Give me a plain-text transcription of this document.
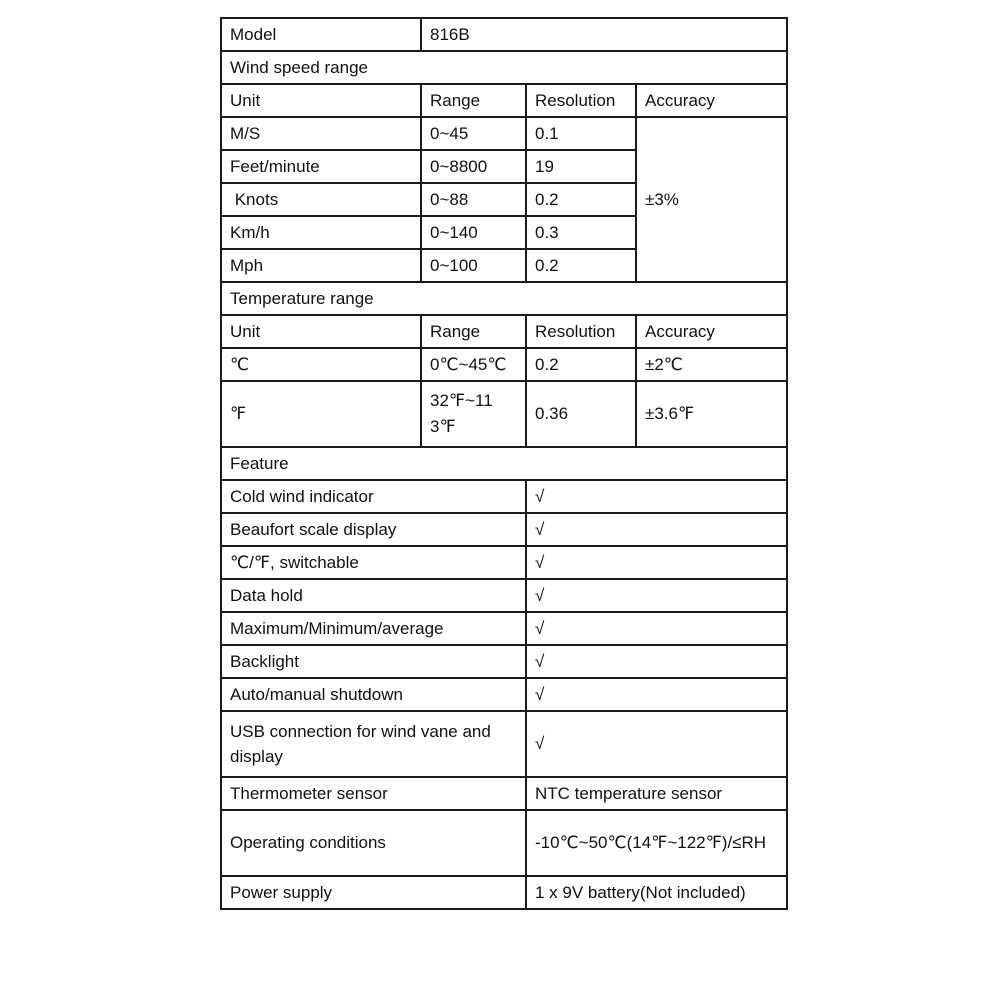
Model	816B		
Wind speed range			
Unit	Range	Resolution	Accuracy
M/S	0~45	0.1	±3%
Feet/minute	0~8800	19	
Knots	0~88	0.2	
Km/h	0~140	0.3	
Mph	0~100	0.2	
Temperature range			
Unit	Range	Resolution	Accuracy
℃	0℃~45℃	0.2	±2℃
℉	32℉~113℉	0.36	±3.6℉
Feature			
Cold wind indicator		√	
Beaufort scale display		√	
℃/℉, switchable		√	
Data hold		√	
Maximum/Minimum/average		√	
Backlight		√	
Auto/manual shutdown		√	
USB connection for wind vane and display		√	
Thermometer sensor		NTC temperature sensor	
Operating conditions		-10℃~50℃(14℉~122℉)/≤RH	
Power supply		1 x 9V battery(Not included)	
